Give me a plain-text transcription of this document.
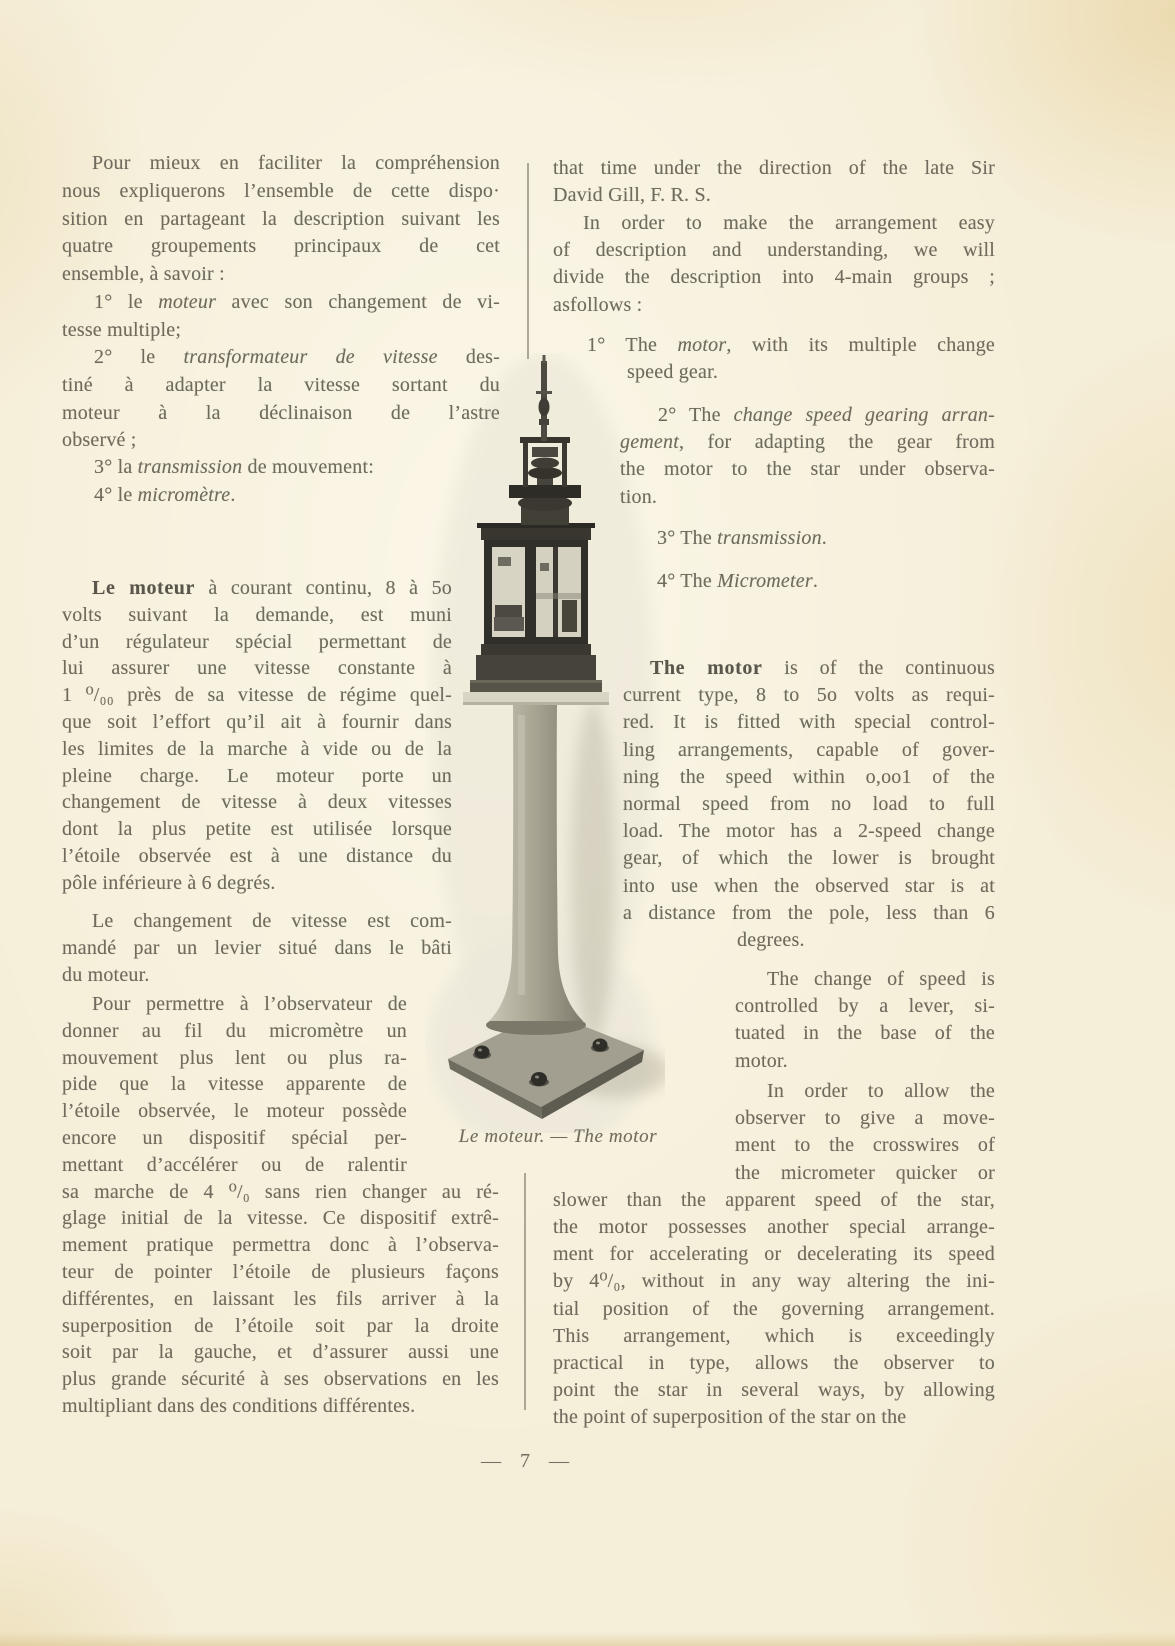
Pour mieux en faciliter la compréhension
nous expliquerons l’ensemble de cette dispo·
sition en partageant la description suivant les
quatre groupements principaux de cet
ensemble, à savoir :
1° le moteur avec son changement de vi-
tesse multiple;
2° le transformateur de vitesse des-
tiné à adapter la vitesse sortant du
moteur à la déclinaison de l’astre
observé ;
3° la transmission de mouvement:
4° le micromètre.
Le moteur à courant continu, 8 à 5o
volts suivant la demande, est muni
d’un régulateur spécial permettant de
lui assurer une vitesse constante à
1 ⁰/₀₀ près de sa vitesse de régime quel-
que soit l’effort qu’il ait à fournir dans
les limites de la marche à vide ou de la
pleine charge. Le moteur porte un
changement de vitesse à deux vitesses
dont la plus petite est utilisée lorsque
l’étoile observée est à une distance du
pôle inférieure à 6 degrés.
Le changement de vitesse est com-
mandé par un levier situé dans le bâti
du moteur.
Pour permettre à l’observateur de
donner au fil du micromètre un
mouvement plus lent ou plus ra-
pide que la vitesse apparente de
l’étoile observée, le moteur possède
encore un dispositif spécial per-
mettant d’accélérer ou de ralentir
sa marche de 4 ⁰/₀ sans rien changer au ré-
glage initial de la vitesse. Ce dispositif extrê-
mement pratique permettra donc à l’observa-
teur de pointer l’étoile de plusieurs façons
différentes, en laissant les fils arriver à la
superposition de l’étoile soit par la droite
soit par la gauche, et d’assurer aussi une
plus grande sécurité à ses observations en les
multipliant dans des conditions différentes.
that time under the direction of the late Sir
David Gill, F. R. S.
In order to make the arrangement easy
of description and understanding, we will
divide the description into 4-main groups ;
asfollows :
1° The motor, with its multiple change
speed gear.
2° The change speed gearing arran-
gement, for adapting the gear from
the motor to the star under observa-
tion.
3° The transmission.
4° The Micrometer.
The motor is of the continuous
current type, 8 to 5o volts as requi-
red. It is fitted with special control-
ling arrangements, capable of gover-
ning the speed within o,oo1 of the
normal speed from no load to full
load. The motor has a 2-speed change
gear, of which the lower is brought
into use when the observed star is at
a distance from the pole, less than 6
degrees.
The change of speed is
controlled by a lever, si-
tuated in the base of the
motor.
In order to allow the
observer to give a move-
ment to the crosswires of
the micrometer quicker or
slower than the apparent speed of the star,
the motor possesses another special arrange-
ment for accelerating or decelerating its speed
by 4⁰/₀, without in any way altering the ini-
tial position of the governing arrangement.
This arrangement, which is exceedingly
practical in type, allows the observer to
point the star in several ways, by allowing
the point of superposition of the star on the
Le moteur. — The motor
— 7 —
